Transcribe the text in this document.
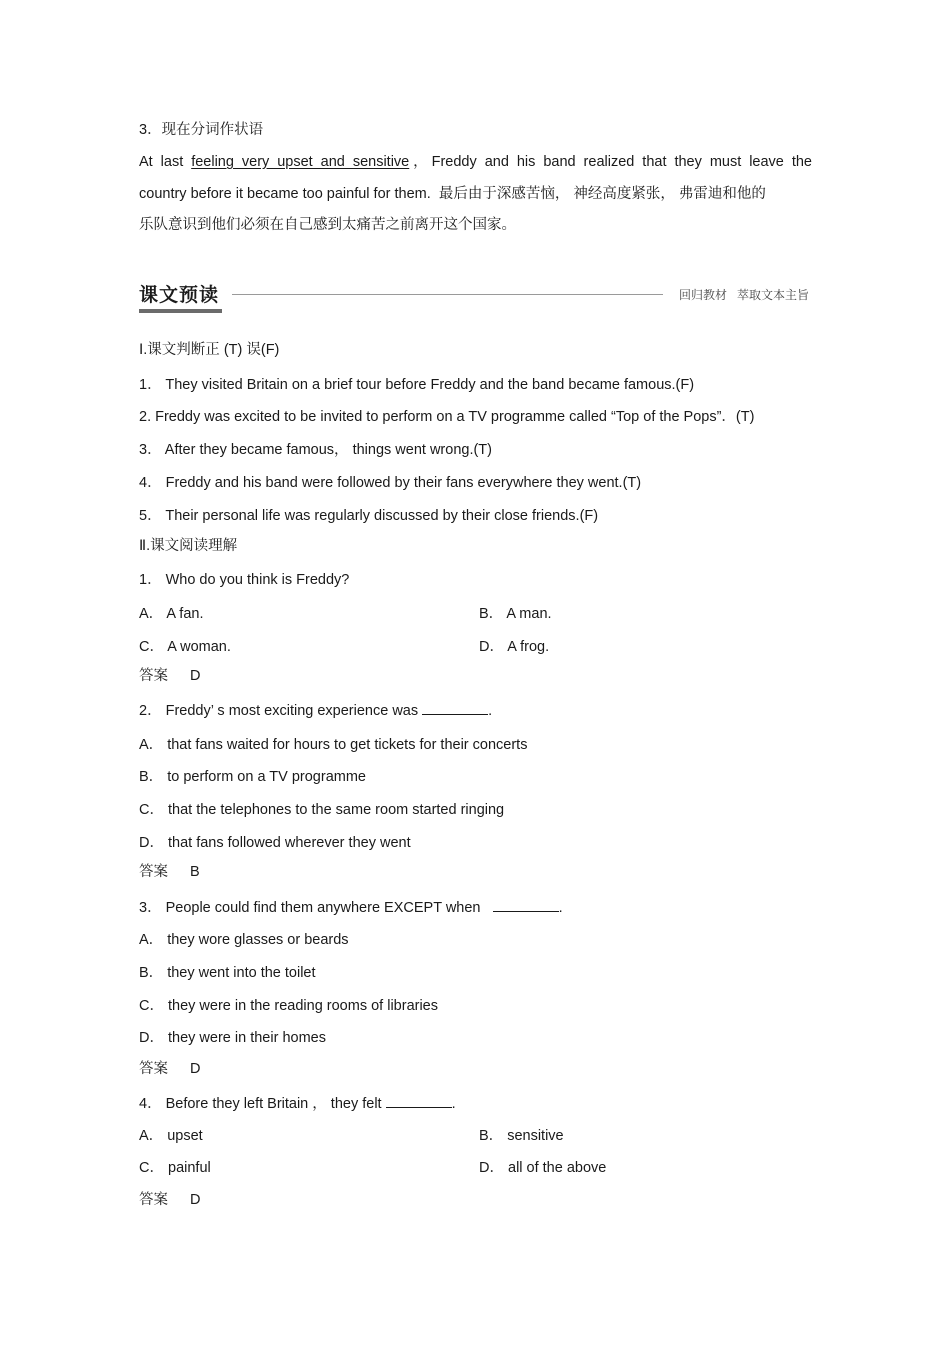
3．现在分词作状语
At last feeling very upset and sensitive，Freddy and his band realized that they must leave the
country before it became too painful for them. 最后由于深感苦恼， 神经高度紧张， 弗雷迪和他的
乐队意识到他们必须在自己感到太痛苦之前离开这个国家。
课文预读	回归教材 萃取文本主旨
Ⅰ.课文判断正 (T) 误(F)
1． They visited Britain on a brief tour before Freddy and the band became famous.(F)
2. Freddy was excited to be invited to perform on a TV programme called “Top of the Pops”．(T)
3． After they became famous， things went wrong.(T)
4． Freddy and his band were followed by their fans everywhere they went.(T)
5． Their personal life was regularly discussed by their close friends.(F)
Ⅱ.课文阅读理解
1． Who do you think is Freddy?
A． A fan.	B． A man.
C． A woman.	D． A frog.
答案 D
2． Freddy’ s most exciting experience was	.
A． that fans waited for hours to get tickets for their concerts
B． to perform on a TV programme
C． that the telephones to the same room started ringing
D． that fans followed wherever they went
答案 B
3． People could find them anywhere EXCEPT when	.
A． they wore glasses or beards
B． they went into the toilet
C． they were in the reading rooms of libraries
D． they were in their homes
答案 D
4． Before they left Britain ， they felt	.
A． upset	B． sensitive
C． painful	D． all of the above
答案 D
